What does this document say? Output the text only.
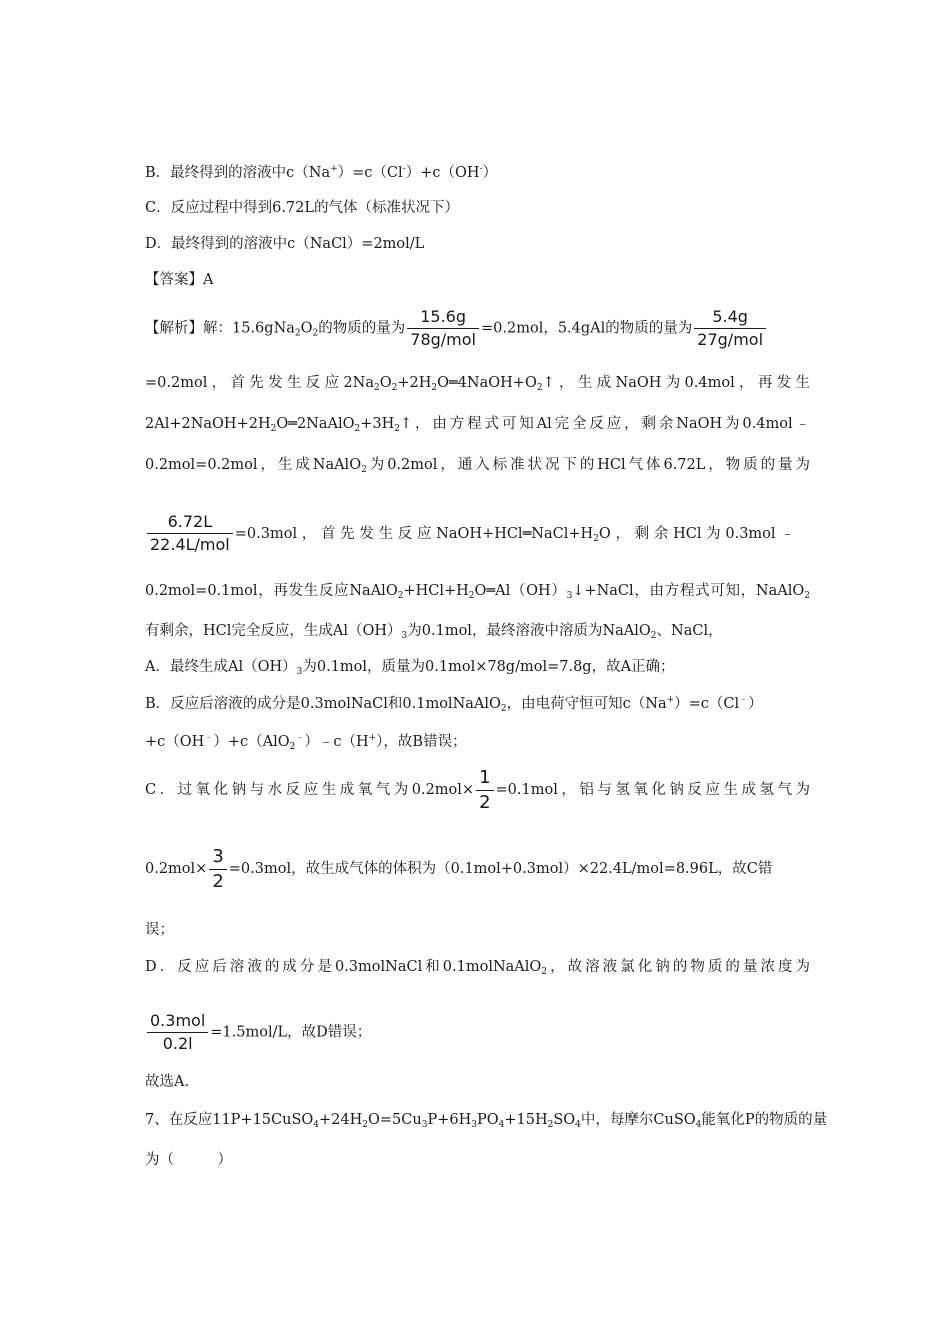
B．最终得到的溶液中c（Na+）=c（Cl-）+c（OH-）
C．反应过程中得到6.72L的气体（标准状况下）
D．最终得到的溶液中c（NaCl）=2mol/L
【答案】A
【解析】解：$15.6gNa_2O_2$的物质的量为 $\frac{15.6g}{\text{78g/mol}} =0.2mol$，5.4gAl的物质的量为 $\frac{5.4g}{\text{27g/mol}}$
=0.2mol，首先发生反应$2Na_2O_2+2H_2O═4NaOH+O_2↑$，生成NaOH为0.4mol，再发生
$2Al+2NaOH+2H_2O═2NaAlO_2+3H_2↑$，由方程式可知Al完全反应，剩余NaOH为0.4mol﹣
0.2mol=0.2mol，生成NaAlO$_2$为0.2mol，通入标准状况下的HCl气体6.72L，物质的量为
$\frac{6.72L}{\text{22.4L/mol}} =0.3mol$，首先发生反应$NaOH+HCl═NaCl+H_2O$，剩余HCl为0.3mol﹣
0.2mol=0.1mol，再发生反应$NaAlO_2+HCl+H_2O═Al(OH)_3↓+NaCl$，由方程式可知，NaAlO$_2$
有剩余，HCl完全反应，生成$Al(OH)_3$为0.1mol，最终溶液中溶质为NaAlO$_2$、NaCl，
A．最终生成$Al(OH)_3$为0.1mol，质量为0.1mol×78g/mol=7.8g，故A正确；
B．反应后溶液的成分是0.3molNaCl和0.1molNaAlO$_2$，由电荷守恒可知c（Na+）=c（Cl﹣）
+c（OH﹣）+c（AlO$_2$﹣）﹣c（H+），故B错误；
C．过氧化钠与水反应生成氧气为$0.2mol\times \frac{1}{2} =0.1mol$，铝与氢氧化钠反应生成氢气为
$0.2mol\times \frac{3}{2} =0.3mol$，故生成气体的体积为（0.1mol+0.3mol）×22.4L/mol=8.96L，故C错
误；
D．反应后溶液的成分是0.3molNaCl和0.1molNaAlO$_2$，故溶液氯化钠的物质的量浓度为
$\frac{\text{0.3mol}}{0.2l} =1.5mol/L$，故D错误；
故选A.
7、在反应$11P+15CuSO_4+24H_2O=5Cu_3P+6H_3PO_4+15H_2SO_4$中，每摩尔CuSO$_4$能氧化P的物质的量
为（　　　）
